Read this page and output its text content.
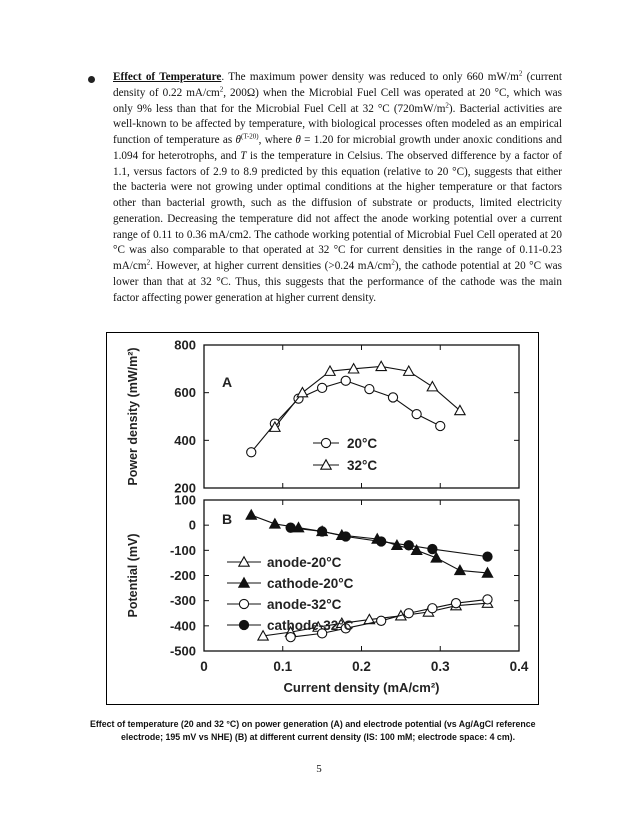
Effect of Temperature. The maximum power density was reduced to only 660 $mW/m^2$ (current density of 0.22 $mA/cm^2$, 200Ω) when the Microbial Fuel Cell was operated at 20 °C, which was only 9% less than that for the Microbial Fuel Cell at 32 °C $(720mW/m^2)$. Bacterial activities are well-known to be affected by temperature, with biological processes often modeled as an empirical function of temperature as $\theta^{(T-20)}$, where θ = 1.20 for microbial growth under anoxic conditions and 1.094 for heterotrophs, and T is the temperature in Celsius. The observed difference by a factor of 1.1, versus factors of 2.9 to 8.9 predicted by this equation (relative to 20 °C), suggests that either the bacteria were not growing under optimal conditions at the higher temperature or that factors other than bacterial growth, such as the diffusion of substrate or products, limited electricity generation. Decreasing the temperature did not affect the anode working potential over a current range of 0.11 to 0.36 mA/cm2. The cathode working potential of Microbial Fuel Cell operated at 20 °C was also comparable to that operated at 32 °C for current densities in the range of 0.11-0.23 $mA/cm^2$. However, at higher current densities (>0.24 $mA/cm^2$), the cathode potential at 20 °C was lower than that at 32 °C. Thus, this suggests that the performance of the cathode was the main factor affecting power generation at higher current density.
800
600
400
200
A
Power density (mW/m²)
100
0
-100
-200
-300
-400
-500
B
Potential (mV)
20°C
32°C
anode-20°C
cathode-20°C
anode-32°C
cathode-32°C
0	0.1	0.2	0.3	0.4
Current density (mA/cm²)
Effect of temperature (20 and 32 °C) on power generation (A) and electrode potential (vs Ag/AgCl reference
electrode; 195 mV vs NHE) (B) at different current density (IS: 100 mM; electrode space: 4 cm).
5
